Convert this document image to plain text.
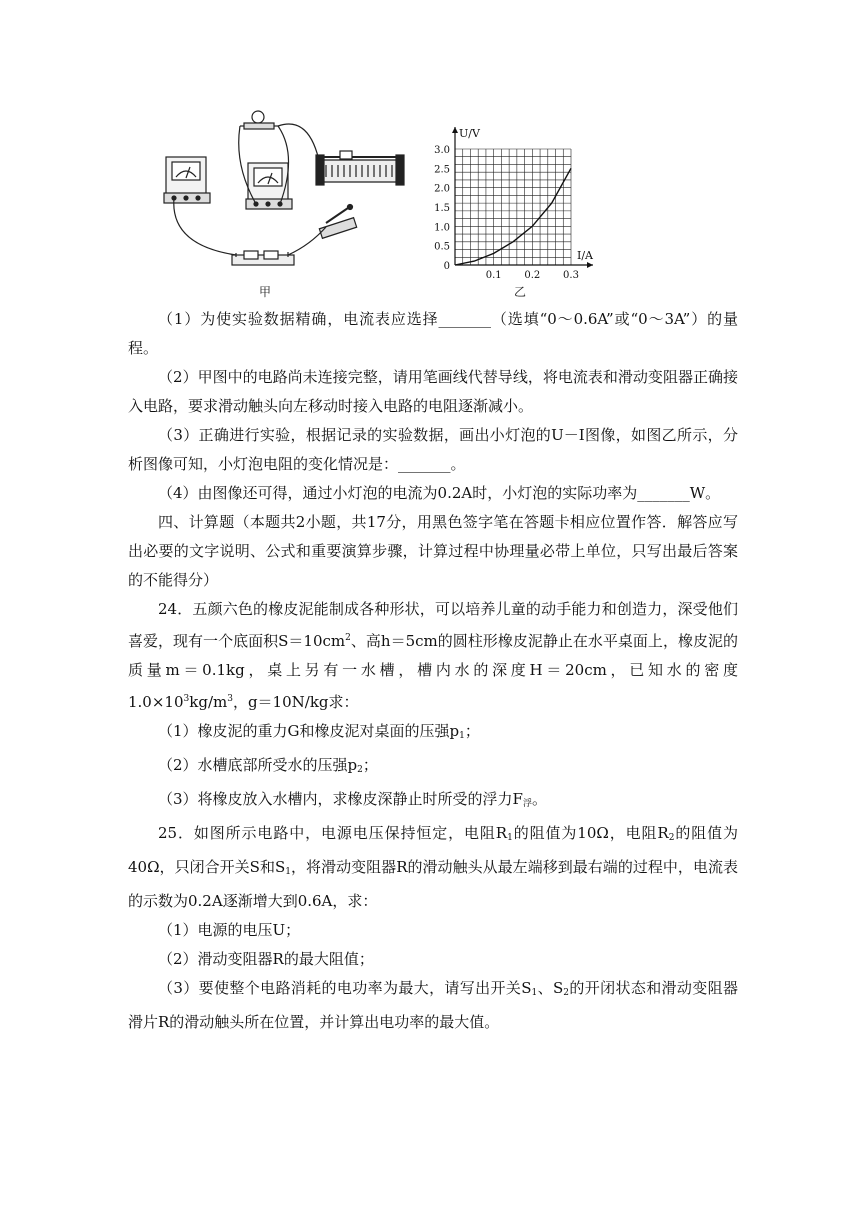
甲
3.0
2.5
2.0
1.5
1.0
0.5
0
0.1 0.2 0.3
U/V
I/A
乙

（1）为使实验数据精确，电流表应选择_______（选填“0～0.6A”或“0～3A”）的量程。

（2）甲图中的电路尚未连接完整，请用笔画线代替导线，将电流表和滑动变阻器正确接入电路，要求滑动触头向左移动时接入电路的电阻逐渐减小。

（3）正确进行实验，根据记录的实验数据，画出小灯泡的U－I图像，如图乙所示，分析图像可知，小灯泡电阻的变化情况是：_______。

（4）由图像还可得，通过小灯泡的电流为0.2A时，小灯泡的实际功率为_______W。

四、计算题（本题共2小题，共17分，用黑色签字笔在答题卡相应位置作答．解答应写出必要的文字说明、公式和重要演算步骤，计算过程中协理量必带上单位，只写出最后答案的不能得分）

24．五颜六色的橡皮泥能制成各种形状，可以培养儿童的动手能力和创造力，深受他们喜爱，现有一个底面积$S=10cm^2$、高h＝5cm的圆柱形橡皮泥静止在水平桌面上，橡皮泥的质量m＝0.1kg，桌上另有一水槽，槽内水的深度H＝20cm，已知水的密度$1.0\times 10^3kg/m^3$，g＝10N/kg求：

（1）橡皮泥的重力G和橡皮泥对桌面的压强$p_1$；

（2）水槽底部所受水的压强$p_2$；

（3）将橡皮放入水槽内，求橡皮深静止时所受的浮力$F_浮$。

25．如图所示电路中，电源电压保持恒定，电阻$R_1$的阻值为10Ω，电阻$R_2$的阻值为40Ω，只闭合开关S和$S_1$，将滑动变阻器R的滑动触头从最左端移到最右端的过程中，电流表的示数为0.2A逐渐增大到0.6A，求：

（1）电源的电压U；

（2）滑动变阻器R的最大阻值；

（3）要使整个电路消耗的电功率为最大，请写出开关$S_1$、$S_2$的开闭状态和滑动变阻器滑片R的滑动触头所在位置，并计算出电功率的最大值。
